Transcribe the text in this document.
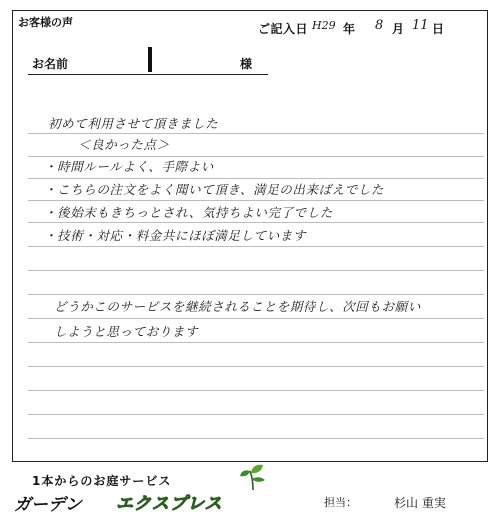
お客様の声	ご記入日 H29 年 8 月 11 日
お名前	様
初めて利用させて頂きました
＜良かった点＞
・時間ルールよく、手際よい
・こちらの注文をよく聞いて頂き、満足の出来ばえでした
・後始末もきちっとされ、気持ちよい完了でした
・技術・対応・料金共にほぼ満足しています
どうかこのサービスを継続されることを期待し、次回もお願い
しようと思っております
1本からのお庭サービス
ガーデン エクスプレス	担当：	杉山 重実
